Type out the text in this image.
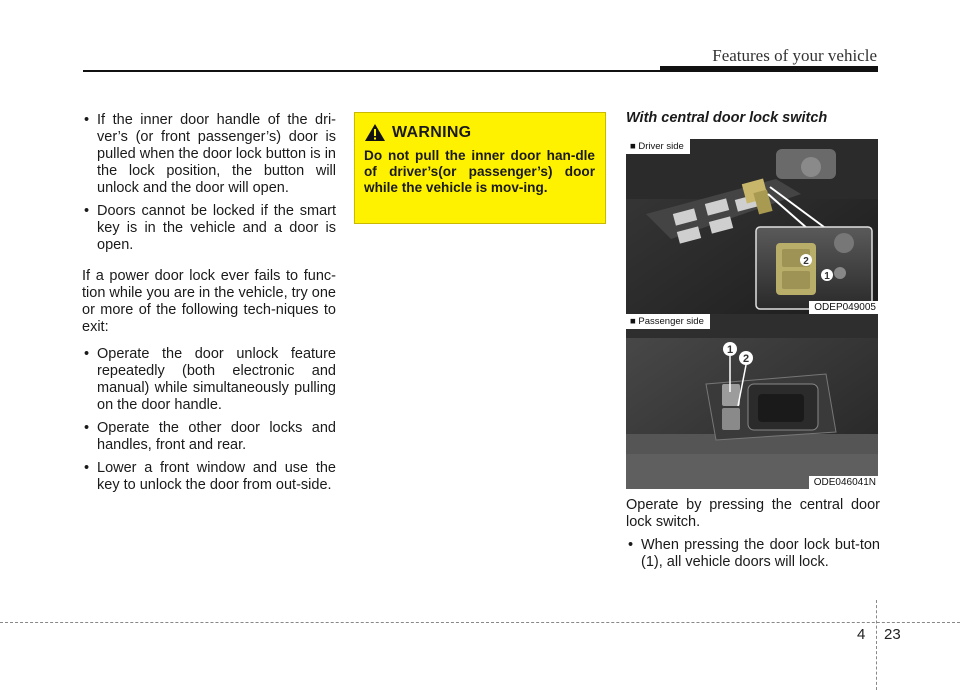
Features of your vehicle

• If the inner door handle of the dri-ver’s (or front passenger’s) door is pulled when the door lock button is in the lock position, the button will unlock and the door will open.

• Doors cannot be locked if the smart key is in the vehicle and a door is open.

If a power door lock ever fails to func-tion while you are in the vehicle, try one or more of the following tech-niques to exit:

• Operate the door unlock feature repeatedly (both electronic and manual) while simultaneously pulling on the door handle.

• Operate the other door locks and handles, front and rear.

• Lower a front window and use the key to unlock the door from out-side.

WARNING
Do not pull the inner door han-dle of driver’s(or passenger’s) door while the vehicle is mov-ing.

With central door lock switch

2
1
■ Driver side
ODEP049005
1
2
■ Passenger side
ODE046041N

Operate by pressing the central door lock switch.

• When pressing the door lock but-ton (1), all vehicle doors will lock.

4 23
